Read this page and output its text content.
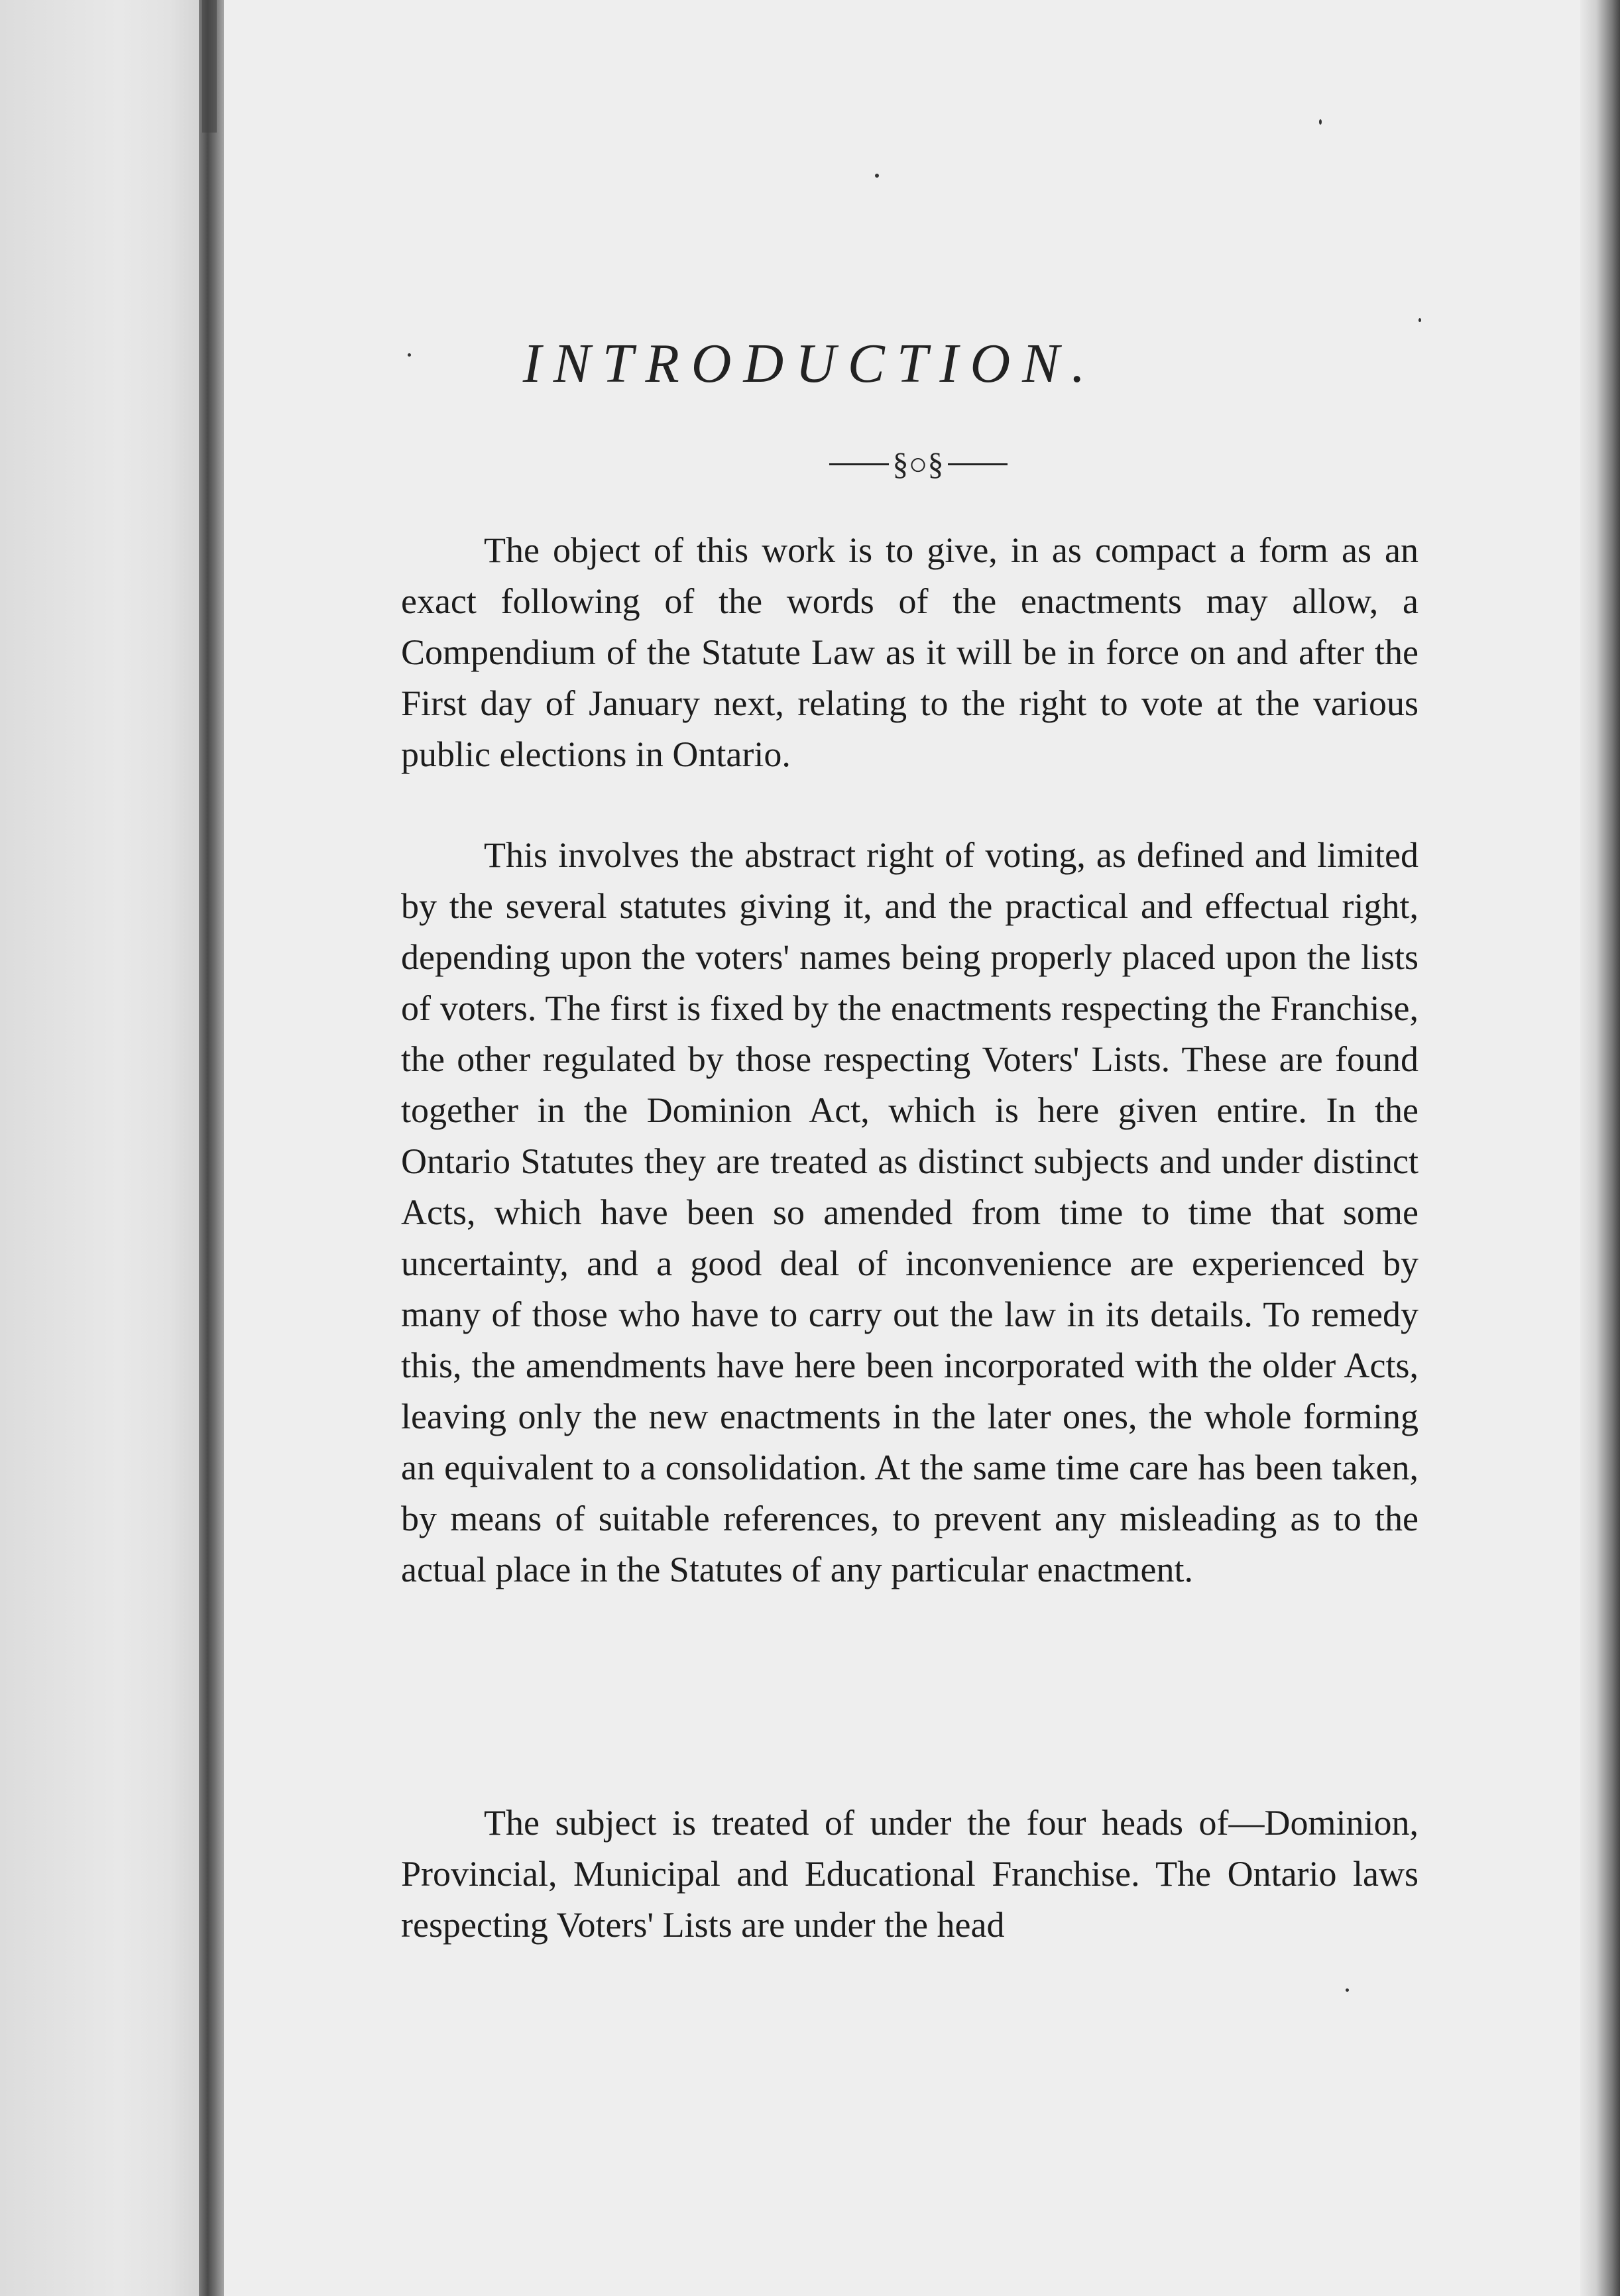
INTRODUCTION.
§○§

The object of this work is to give, in as compact a form as an exact following of the words of the enactments may allow, a Compendium of the Statute Law as it will be in force on and after the First day of January next, relating to the right to vote at the various public elections in Ontario.

This involves the abstract right of voting, as defined and limited by the several statutes giving it, and the practical and effectual right, depending upon the voters' names being properly placed upon the lists of voters. The first is fixed by the enactments respecting the Franchise, the other regulated by those respecting Voters' Lists. These are found together in the Dominion Act, which is here given entire. In the Ontario Statutes they are treated as distinct subjects and under distinct Acts, which have been so amended from time to time that some uncertainty, and a good deal of inconvenience are experienced by many of those who have to carry out the law in its details. To remedy this, the amendments have here been incorporated with the older Acts, leaving only the new enactments in the later ones, the whole forming an equivalent to a consolidation. At the same time care has been taken, by means of suitable references, to prevent any misleading as to the actual place in the Statutes of any particular enactment.

The subject is treated of under the four heads of—Dominion, Provincial, Municipal and Educational Franchise. The Ontario laws respecting Voters' Lists are under the head
